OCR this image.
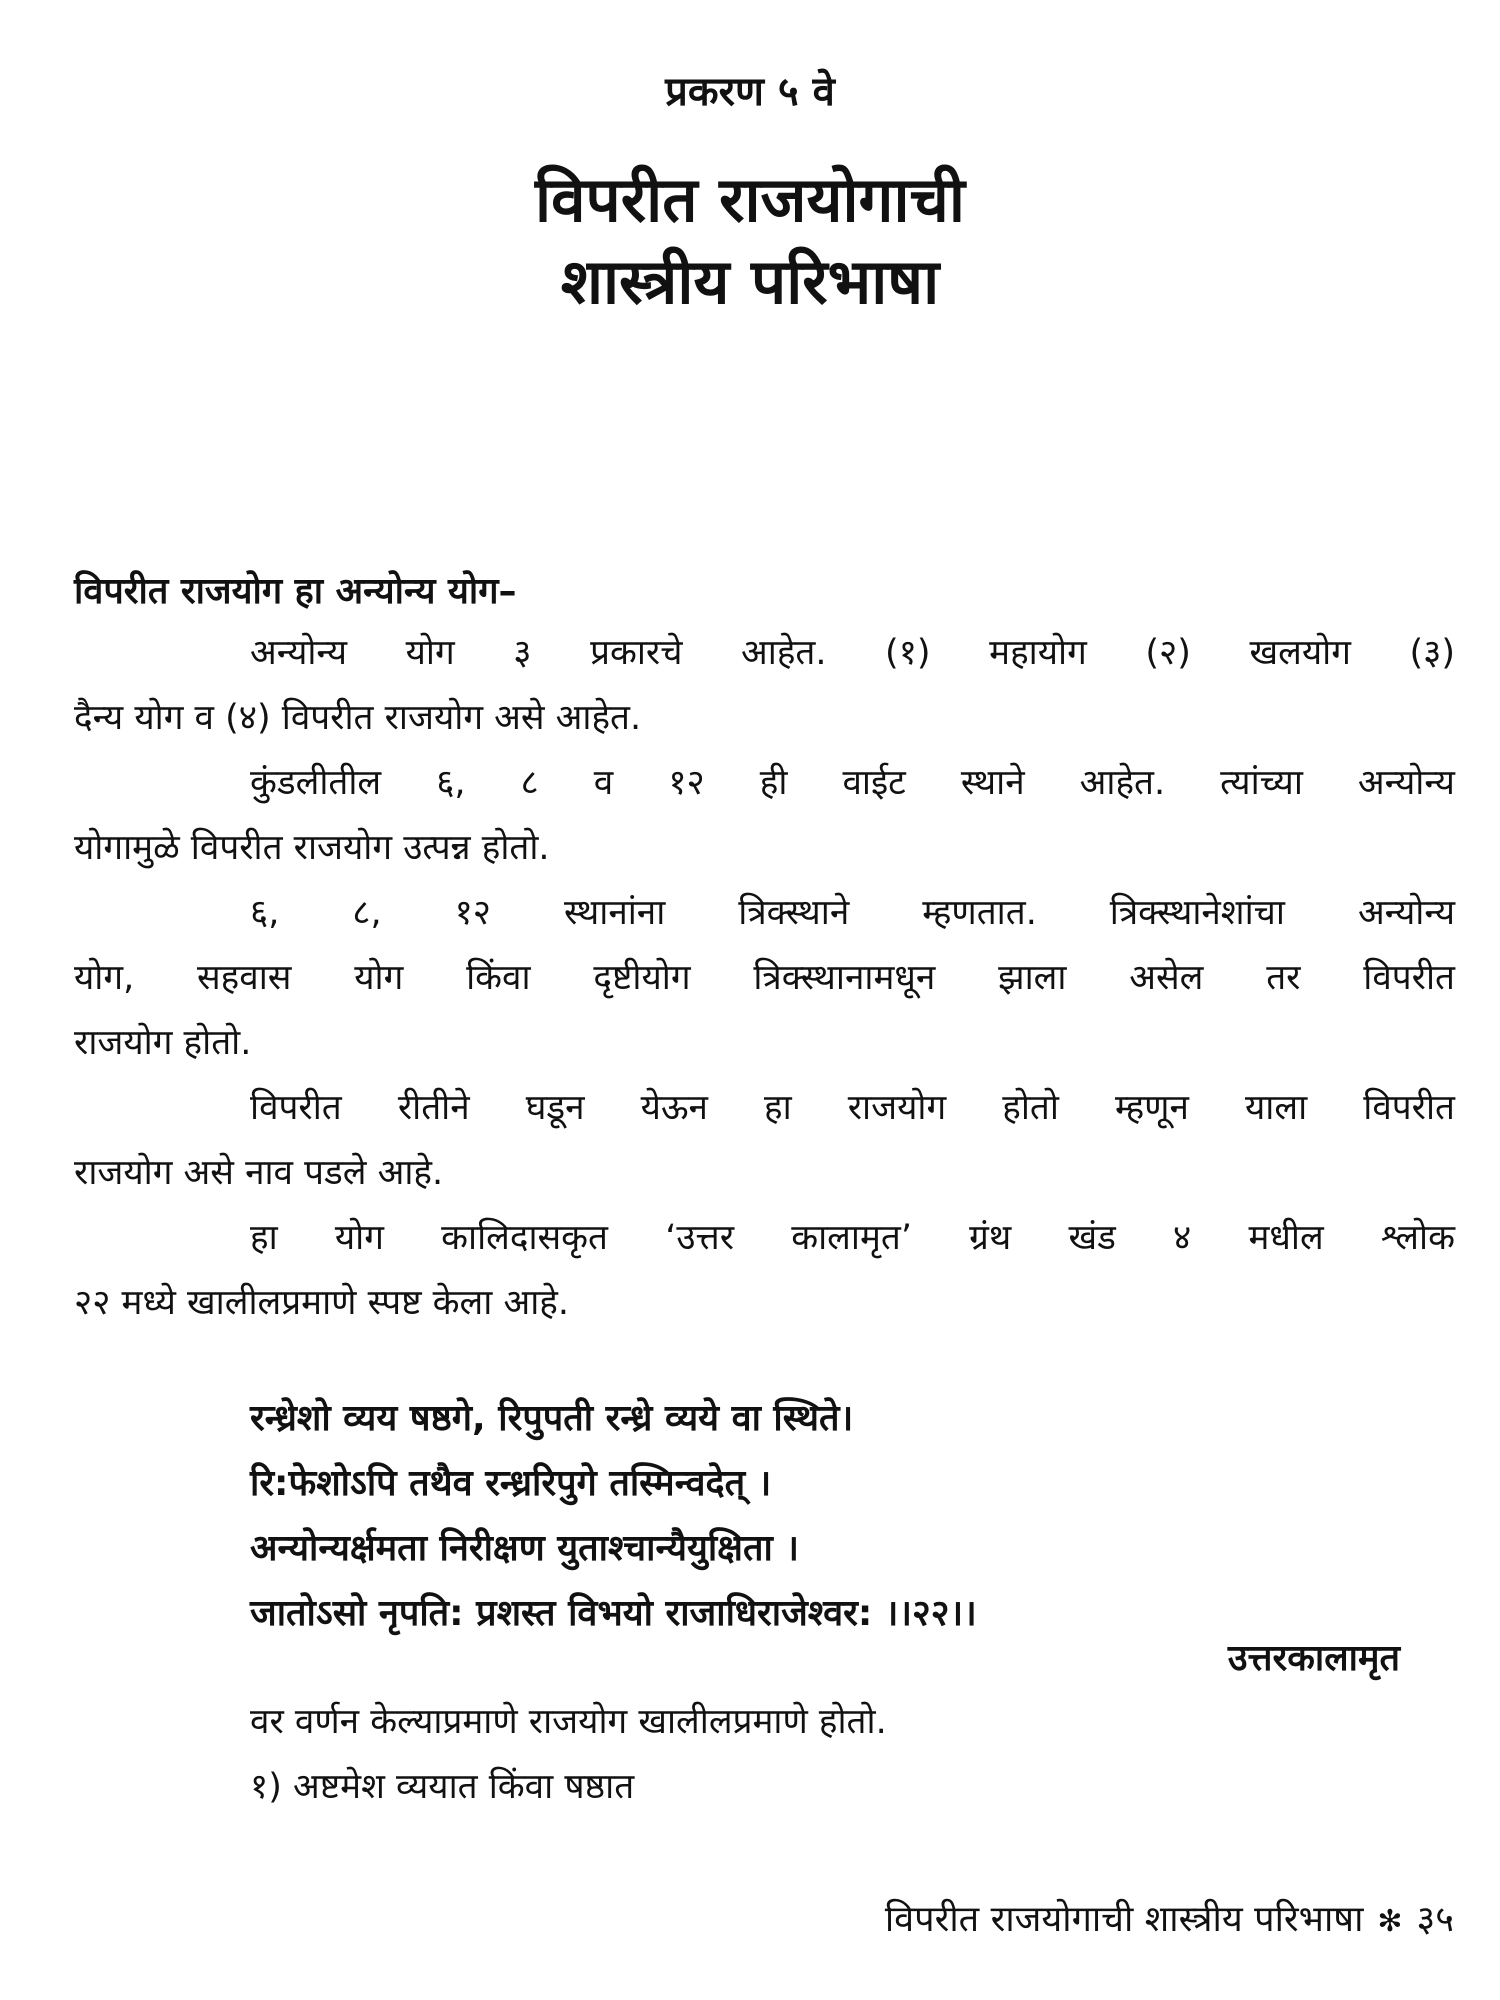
प्रकरण ५ वे
विपरीत राजयोगाची
शास्त्रीय परिभाषा
विपरीत राजयोग हा अन्योन्य योग–
अन्योन्य योग ३ प्रकारचे आहेत. (१) महायोग (२) खलयोग (३)
दैन्य योग व (४) विपरीत राजयोग असे आहेत.
कुंडलीतील ६, ८ व १२ ही वाईट स्थाने आहेत. त्यांच्या अन्योन्य
योगामुळे विपरीत राजयोग उत्पन्न होतो.
६, ८, १२ स्थानांना त्रिक्स्थाने म्हणतात. त्रिक्स्थानेशांचा अन्योन्य
योग, सहवास योग किंवा दृष्टीयोग त्रिक्स्थानामधून झाला असेल तर विपरीत
राजयोग होतो.
विपरीत रीतीने घडून येऊन हा राजयोग होतो म्हणून याला विपरीत
राजयोग असे नाव पडले आहे.
हा योग कालिदासकृत ‘उत्तर कालामृत’ ग्रंथ खंड ४ मधील श्लोक
२२ मध्ये खालीलप्रमाणे स्पष्ट केला आहे.
रन्ध्रेशो व्यय षष्ठगे, रिपुपती रन्ध्रे व्यये वा स्थिते।
रि:फेशोऽपि तथैव रन्ध्ररिपुगे तस्मिन्वदेत् ।
अन्योन्यर्क्षमता निरीक्षण युताश्चान्यैयुक्षिता ।
जातोऽसो नृपति: प्रशस्त विभयो राजाधिराजेश्वर: ।।२२।।
उत्तरकालामृत
वर वर्णन केल्याप्रमाणे राजयोग खालीलप्रमाणे होतो.
१) अष्टमेश व्ययात किंवा षष्ठात
विपरीत राजयोगाची शास्त्रीय परिभाषा ✻ ३५
